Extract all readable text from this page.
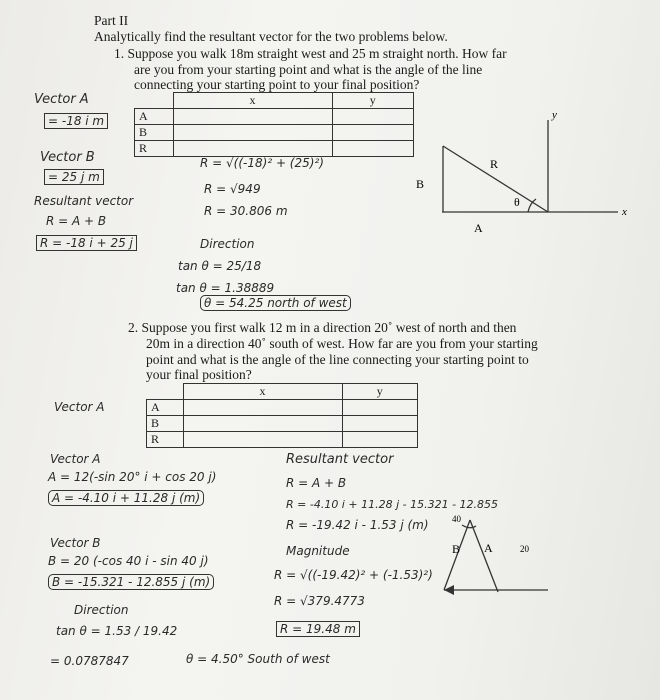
Part II
Analytically find the resultant vector for the two problems below.
1. Suppose you walk 18m straight west and 25 m straight north. How far
are you from your starting point and what is the angle of the line
connecting your starting point to your final position?
	x	y
A		
B		
R		
Vector A
= -18 i m
Vector B
= 25 j m
Resultant vector
R = A + B
R = -18 i + 25 j
R = √((-18)² + (25)²)
R = √949
R = 30.806 m
Direction
tan θ = 25/18
tan θ = 1.38889
θ = 54.25 north of west
y
x
R
B
A
θ
2. Suppose you first walk 12 m in a direction 20˚ west of north and then
20m in a direction 40˚ south of west. How far are you from your starting
point and what is the angle of the line connecting your starting point to
your final position?
	x	y
A		
B		
R		
Vector A
Vector A
A = 12(-sin 20° i + cos 20 j)
A = -4.10 i + 11.28 j (m)
Vector B
B = 20 (-cos 40 i - sin 40 j)
B = -15.321 - 12.855 j (m)
Direction
tan θ = 1.53 / 19.42
= 0.0787847	θ = 4.50° South of west
Resultant vector
R = A + B
R = -4.10 i + 11.28 j - 15.321 - 12.855
R = -19.42 i - 1.53 j (m)
Magnitude
R = √((-19.42)² + (-1.53)²)
R = √379.4773
R = 19.48 m
B A
40
20
